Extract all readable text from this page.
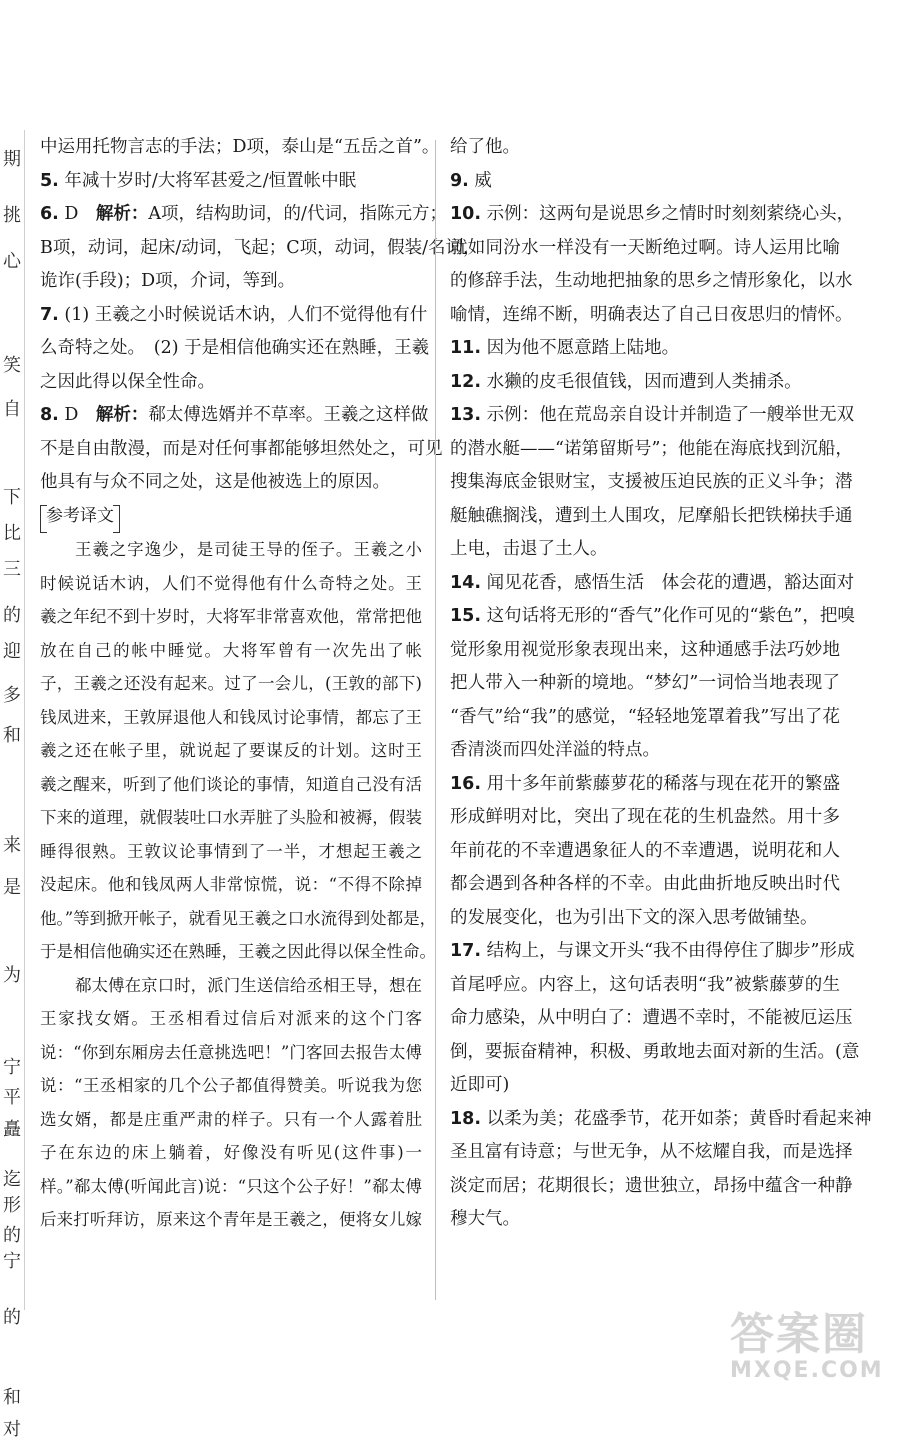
期
挑
心
笑
自
下
比
三
的
迎
多
和
来
是
为
宁
平
矗
迄
形
的
宁
的
和
对
中运用托物言志的手法；D项，泰山是“五岳之首”。
5. 年减十岁时/大将军甚爱之/恒置帐中眠
6. D　解析：A项，结构助词，的/代词，指陈元方；
B项，动词，起床/动词，飞起；C项，动词，假装/名词，
诡诈(手段)；D项，介词，等到。
7. (1) 王羲之小时候说话木讷，人们不觉得他有什
么奇特之处。　(2) 于是相信他确实还在熟睡，王羲
之因此得以保全性命。
8. D　解析：郗太傅选婿并不草率。王羲之这样做
不是自由散漫，而是对任何事都能够坦然处之，可见
他具有与众不同之处，这是他被选上的原因。
参考译文
王羲之字逸少，是司徒王导的侄子。王羲之小
时候说话木讷，人们不觉得他有什么奇特之处。王
羲之年纪不到十岁时，大将军非常喜欢他，常常把他
放在自己的帐中睡觉。大将军曾有一次先出了帐
子，王羲之还没有起来。过了一会儿，(王敦的部下)
钱凤进来，王敦屏退他人和钱凤讨论事情，都忘了王
羲之还在帐子里，就说起了要谋反的计划。这时王
羲之醒来，听到了他们谈论的事情，知道自己没有活
下来的道理，就假装吐口水弄脏了头脸和被褥，假装
睡得很熟。王敦议论事情到了一半，才想起王羲之
没起床。他和钱凤两人非常惊慌，说：“不得不除掉
他。”等到掀开帐子，就看见王羲之口水流得到处都是，
于是相信他确实还在熟睡，王羲之因此得以保全性命。
郗太傅在京口时，派门生送信给丞相王导，想在
王家找女婿。王丞相看过信后对派来的这个门客
说：“你到东厢房去任意挑选吧！”门客回去报告太傅
说：“王丞相家的几个公子都值得赞美。听说我为您
选女婿，都是庄重严肃的样子。只有一个人露着肚
子在东边的床上躺着，好像没有听见(这件事)一
样。”郗太傅(听闻此言)说：“只这个公子好！”郗太傅
后来打听拜访，原来这个青年是王羲之，便将女儿嫁
给了他。
9. 威
10. 示例：这两句是说思乡之情时时刻刻萦绕心头，
就如同汾水一样没有一天断绝过啊。诗人运用比喻
的修辞手法，生动地把抽象的思乡之情形象化，以水
喻情，连绵不断，明确表达了自己日夜思归的情怀。
11. 因为他不愿意踏上陆地。
12. 水獭的皮毛很值钱，因而遭到人类捕杀。
13. 示例：他在荒岛亲自设计并制造了一艘举世无双
的潜水艇——“诺第留斯号”；他能在海底找到沉船，
搜集海底金银财宝，支援被压迫民族的正义斗争；潜
艇触礁搁浅，遭到土人围攻，尼摩船长把铁梯扶手通
上电，击退了土人。
14. 闻见花香，感悟生活　体会花的遭遇，豁达面对
15. 这句话将无形的“香气”化作可见的“紫色”，把嗅
觉形象用视觉形象表现出来，这种通感手法巧妙地
把人带入一种新的境地。“梦幻”一词恰当地表现了
“香气”给“我”的感觉，“轻轻地笼罩着我”写出了花
香清淡而四处洋溢的特点。
16. 用十多年前紫藤萝花的稀落与现在花开的繁盛
形成鲜明对比，突出了现在花的生机盎然。用十多
年前花的不幸遭遇象征人的不幸遭遇，说明花和人
都会遇到各种各样的不幸。由此曲折地反映出时代
的发展变化，也为引出下文的深入思考做铺垫。
17. 结构上，与课文开头“我不由得停住了脚步”形成
首尾呼应。内容上，这句话表明“我”被紫藤萝的生
命力感染，从中明白了：遭遇不幸时，不能被厄运压
倒，要振奋精神，积极、勇敢地去面对新的生活。(意
近即可)
18. 以柔为美；花盛季节，花开如荼；黄昏时看起来神
圣且富有诗意；与世无争，从不炫耀自我，而是选择
淡定而居；花期很长；遗世独立，昂扬中蕴含一种静
穆大气。
答案圈
MXQE.COM
